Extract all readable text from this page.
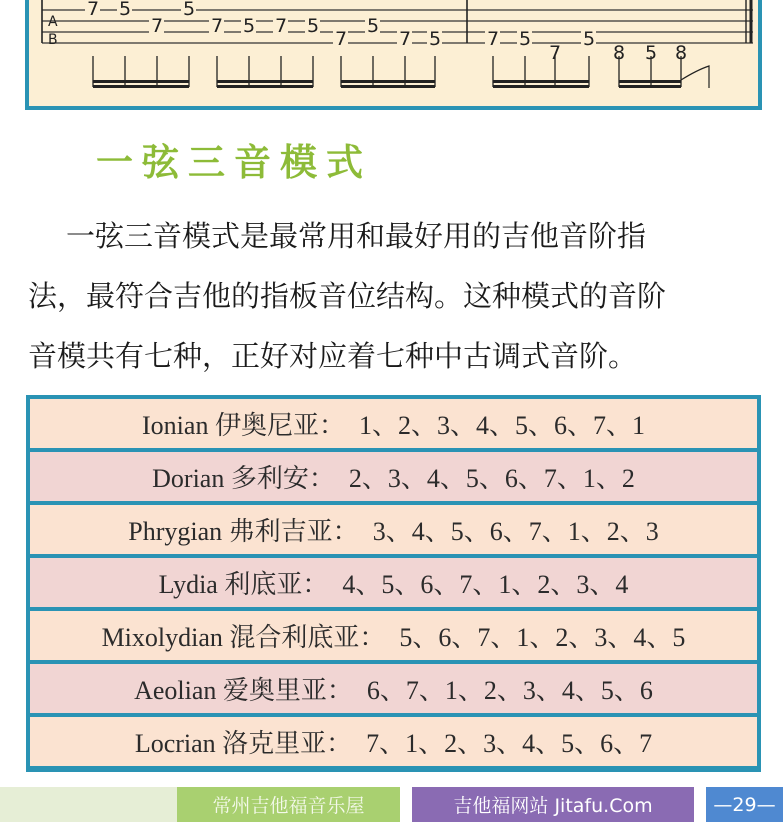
A
B
7 5
7
5
7 5 7 5
7
5
7 5 7 5
7
5
8 5 8
一弦三音模式
一弦三音模式是最常用和最好用的吉他音阶指
法，最符合吉他的指板音位结构。这种模式的音阶
音模共有七种，正好对应着七种中古调式音阶。
Ionian 伊奥尼亚： 1、2、3、4、5、6、7、1
Dorian 多利安： 2、3、4、5、6、7、1、2
Phrygian 弗利吉亚： 3、4、5、6、7、1、2、3
Lydia 利底亚： 4、5、6、7、1、2、3、4
Mixolydian 混合利底亚： 5、6、7、1、2、3、4、5
Aeolian 爱奥里亚： 6、7、1、2、3、4、5、6
Locrian 洛克里亚： 7、1、2、3、4、5、6、7
常州吉他福音乐屋	吉他福网站 Jitafu.Com	—29—
